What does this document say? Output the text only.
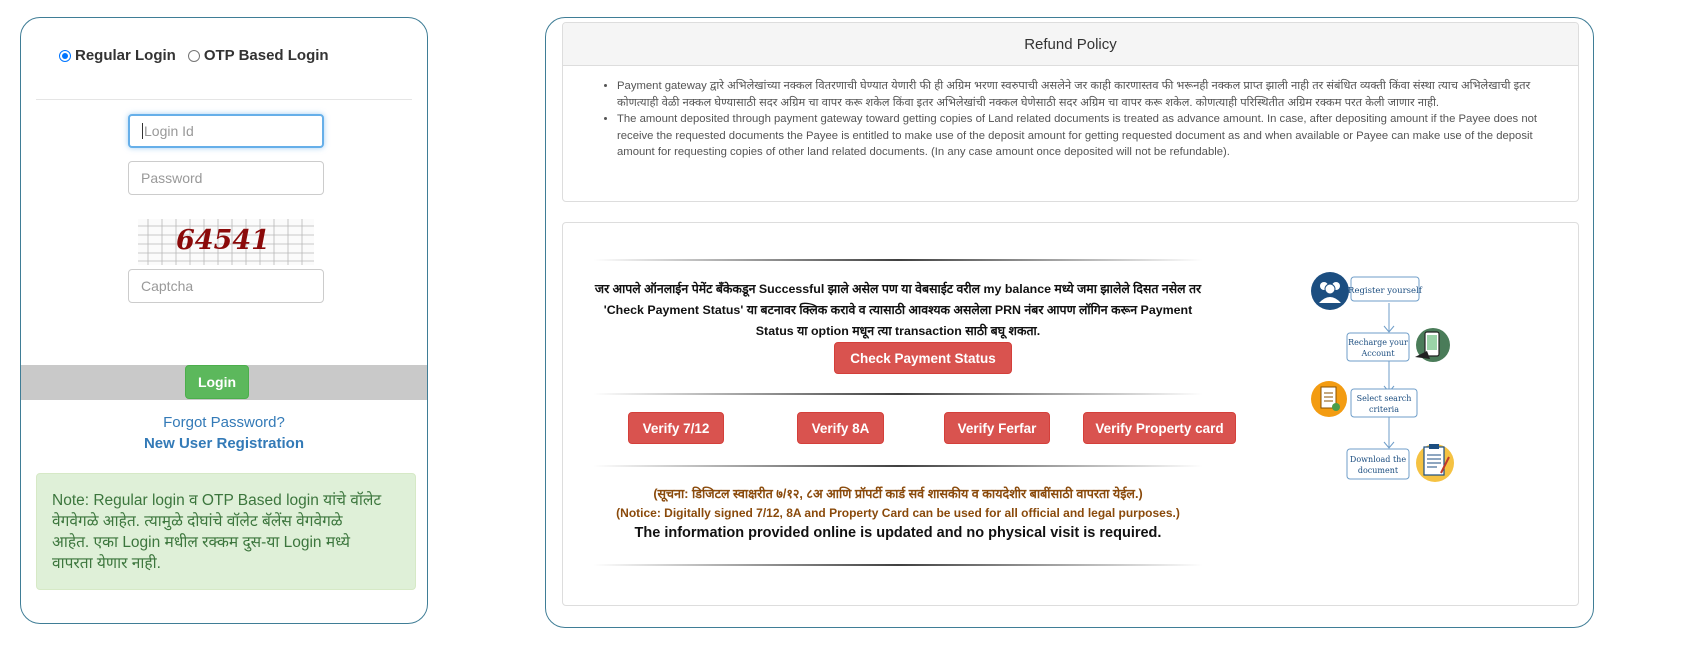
Regular Login OTP Based Login
Login Id
Password
64541
Captcha
Login
Forgot Password?
New User Registration
Note: Regular login व OTP Based login यांचे वॉलेट
वेगवेगळे आहेत. त्यामुळे दोघांचे वॉलेट बॅलेंस वेगवेगळे
आहेत. एका Login मधील रक्कम दुस-या Login मध्ये
वापरता येणार नाही.
Refund Policy
• Payment gateway द्वारे अभिलेखांच्या नक्कल वितरणाची घेण्यात येणारी फी ही अग्रिम भरणा स्वरुपाची असलेने जर काही कारणास्तव फी भरूनही नक्कल प्राप्त झाली नाही तर संबंधित व्यक्ती किंवा संस्था त्याच अभिलेखाची इतर कोणत्याही वेळी नक्कल घेण्यासाठी सदर अग्रिम चा वापर करू शकेल किंवा इतर अभिलेखांची नक्कल घेणेसाठी सदर अग्रिम चा वापर करू शकेल. कोणत्याही परिस्थितीत अग्रिम रक्कम परत केली जाणार नाही.
• The amount deposited through payment gateway toward getting copies of Land related documents is treated as advance amount. In case, after depositing amount if the Payee does not receive the requested documents the Payee is entitled to make use of the deposit amount for getting requested document as and when available or Payee can make use of the deposit amount for requesting copies of other land related documents. (In any case amount once deposited will not be refundable).
जर आपले ऑनलाईन पेमेंट बँकेकडून Successful झाले असेल पण या वेबसाईट वरील my balance मध्ये जमा झालेले दिसत नसेल तर
'Check Payment Status' या बटनावर क्लिक करावे व त्यासाठी आवश्यक असलेला PRN नंबर आपण लॉगिन करून Payment
Status या option मधून त्या transaction साठी बघू शकता.
Check Payment Status
Verify 7/12	Verify 8A	Verify Ferfar	Verify Property card
(सूचना: डिजिटल स्वाक्षरीत ७/१२, ८अ आणि प्रॉपर्टी कार्ड सर्व शासकीय व कायदेशीर बाबींसाठी वापरता येईल.)
(Notice: Digitally signed 7/12, 8A and Property Card can be used for all official and legal purposes.)
The information provided online is updated and no physical visit is required.
Register yourself
Recharge your
Account
Select search
criteria
Download the
document
